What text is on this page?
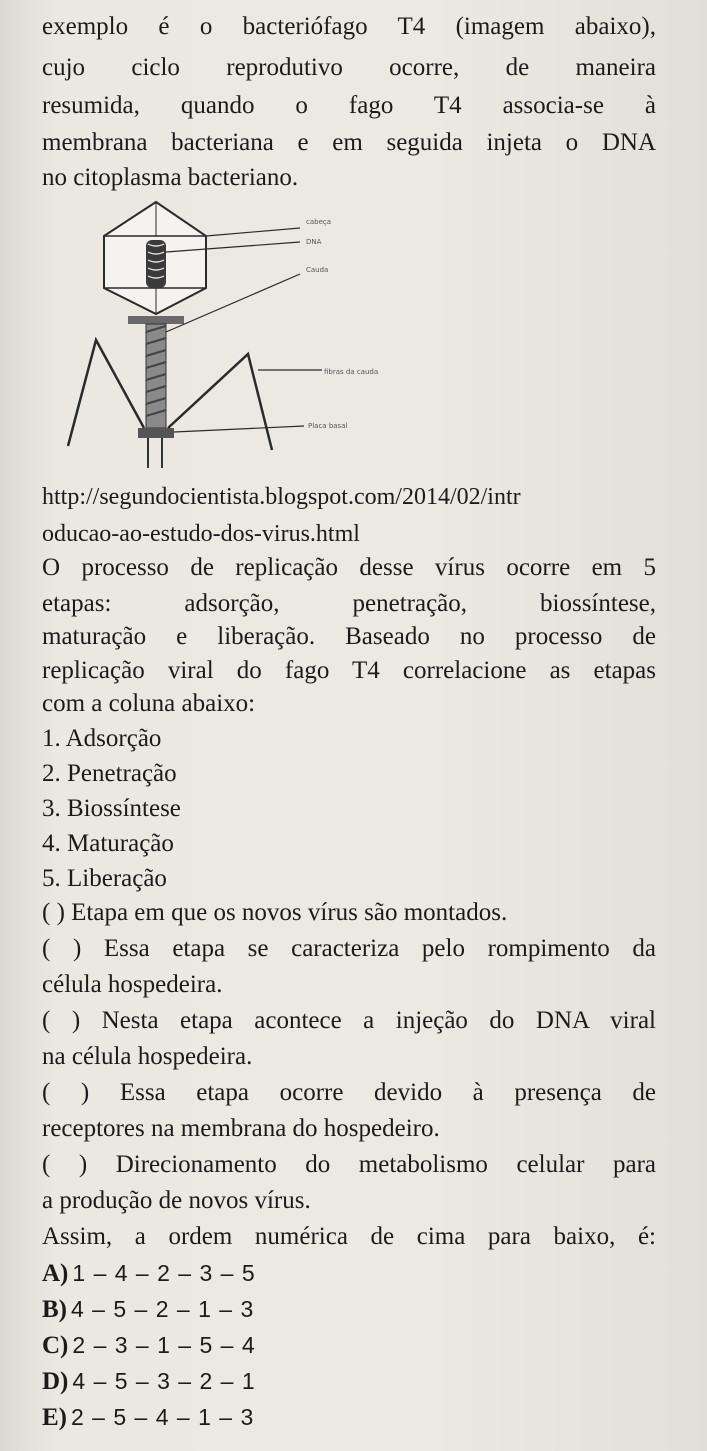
exemplo é o bacteriófago T4 (imagem abaixo),
cujo ciclo reprodutivo ocorre, de maneira
resumida, quando o fago T4 associa-se à
membrana bacteriana e em seguida injeta o DNA
no citoplasma bacteriano.
cabeça
DNA
Cauda
fibras da cauda
Placa basal
http://segundocientista.blogspot.com/2014/02/intr
oducao-ao-estudo-dos-virus.html
O processo de replicação desse vírus ocorre em 5
etapas: adsorção, penetração, biossíntese,
maturação e liberação. Baseado no processo de
replicação viral do fago T4 correlacione as etapas
com a coluna abaixo:
1. Adsorção
2. Penetração
3. Biossíntese
4. Maturação
5. Liberação
( ) Etapa em que os novos vírus são montados.
( ) Essa etapa se caracteriza pelo rompimento da
célula hospedeira.
( ) Nesta etapa acontece a injeção do DNA viral
na célula hospedeira.
( ) Essa etapa ocorre devido à presença de
receptores na membrana do hospedeiro.
( ) Direcionamento do metabolismo celular para
a produção de novos vírus.
Assim, a ordem numérica de cima para baixo, é:
A) 1 – 4 – 2 – 3 – 5
B) 4 – 5 – 2 – 1 – 3
C) 2 – 3 – 1 – 5 – 4
D) 4 – 5 – 3 – 2 – 1
E) 2 – 5 – 4 – 1 – 3
